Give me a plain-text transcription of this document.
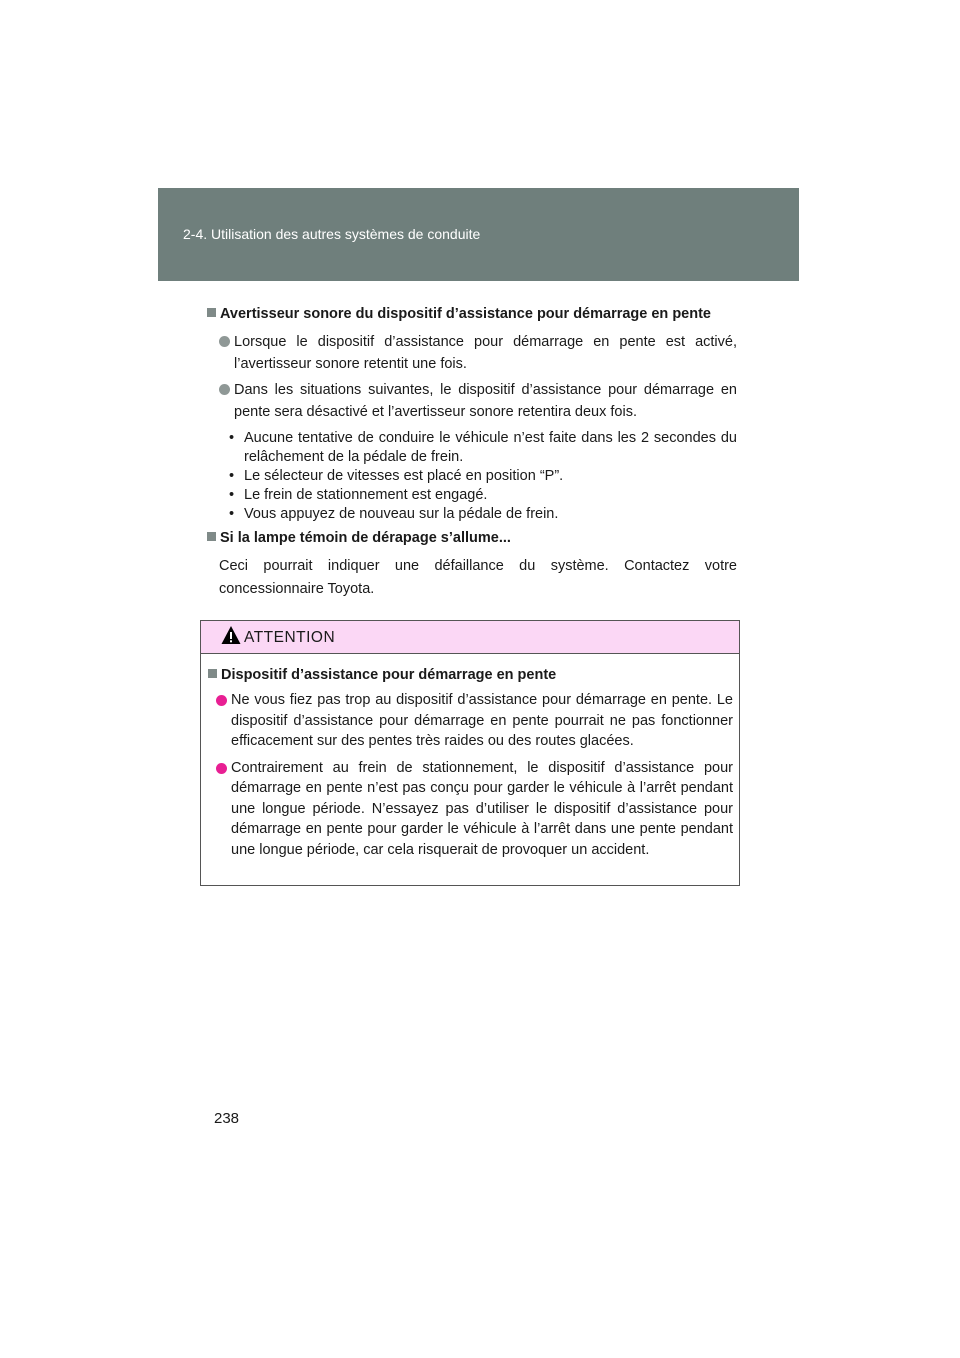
2-4. Utilisation des autres systèmes de conduite
Avertisseur sonore du dispositif d’assistance pour démarrage en pente
Lorsque le dispositif d’assistance pour démarrage en pente est activé, l’avertisseur sonore retentit une fois.
Dans les situations suivantes, le dispositif d’assistance pour démarrage en pente sera désactivé et l’avertisseur sonore retentira deux fois.
• Aucune tentative de conduire le véhicule n’est faite dans les 2 secondes du relâchement de la pédale de frein.
• Le sélecteur de vitesses est placé en position “P”.
• Le frein de stationnement est engagé.
• Vous appuyez de nouveau sur la pédale de frein.
Si la lampe témoin de dérapage s’allume...
Ceci pourrait indiquer une défaillance du système. Contactez votre concessionnaire Toyota.
ATTENTION
Dispositif d’assistance pour démarrage en pente
Ne vous fiez pas trop au dispositif d’assistance pour démarrage en pente. Le dispositif d’assistance pour démarrage en pente pourrait ne pas fonctionner efficacement sur des pentes très raides ou des routes glacées.
Contrairement au frein de stationnement, le dispositif d’assistance pour démarrage en pente n’est pas conçu pour garder le véhicule à l’arrêt pendant une longue période. N’essayez pas d’utiliser le dispositif d’assistance pour démarrage en pente pour garder le véhicule à l’arrêt dans une pente pendant une longue période, car cela risquerait de provoquer un accident.
238
